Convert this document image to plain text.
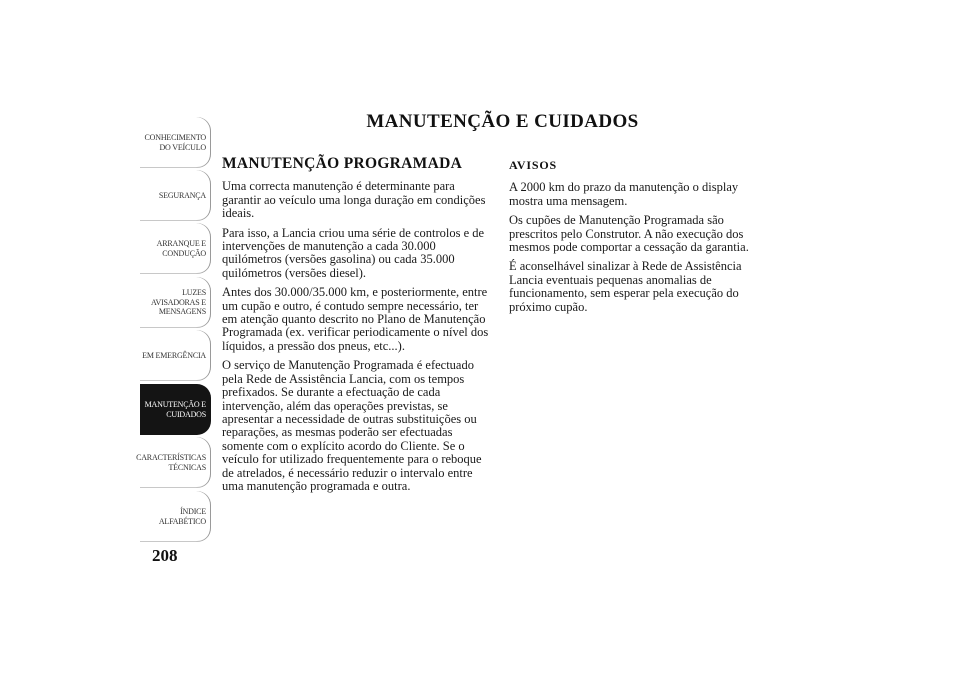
CONHECIMENTO
DO VEÍCULO
SEGURANÇA
ARRANQUE E
CONDUÇÃO
LUZES
AVISADORAS E
MENSAGENS
EM EMERGÊNCIA
MANUTENÇÃO E
CUIDADOS
CARACTERÍSTICAS
TÉCNICAS
ÍNDICE
ALFABÉTICO
208
MANUTENÇÃO E CUIDADOS
MANUTENÇÃO PROGRAMADA

Uma correcta manutenção é determinante para garantir ao veículo uma longa duração em condições ideais.

Para isso, a Lancia criou uma série de controlos e de intervenções de manutenção a cada 30.000 quilómetros (versões gasolina) ou cada 35.000 quilómetros (versões diesel).

Antes dos 30.000/35.000 km, e posteriormente, entre um cupão e outro, é contudo sempre necessário, ter em atenção quanto descrito no Plano de Manutenção Programada (ex. verificar periodicamente o nível dos líquidos, a pressão dos pneus, etc...).

O serviço de Manutenção Programada é efectuado pela Rede de Assistência Lancia, com os tempos prefixados. Se durante a efectuação de cada intervenção, além das operações previstas, se apresentar a necessidade de outras substituições ou reparações, as mesmas poderão ser efectuadas somente com o explícito acordo do Cliente. Se o veículo for utilizado frequentemente para o reboque de atrelados, é necessário reduzir o intervalo entre uma manutenção programada e outra.

AVISOS

A 2000 km do prazo da manutenção o display mostra uma mensagem.

Os cupões de Manutenção Programada são prescritos pelo Construtor. A não execução dos mesmos pode comportar a cessação da garantia.

É aconselhável sinalizar à Rede de Assistência Lancia eventuais pequenas anomalias de funcionamento, sem esperar pela execução do próximo cupão.
